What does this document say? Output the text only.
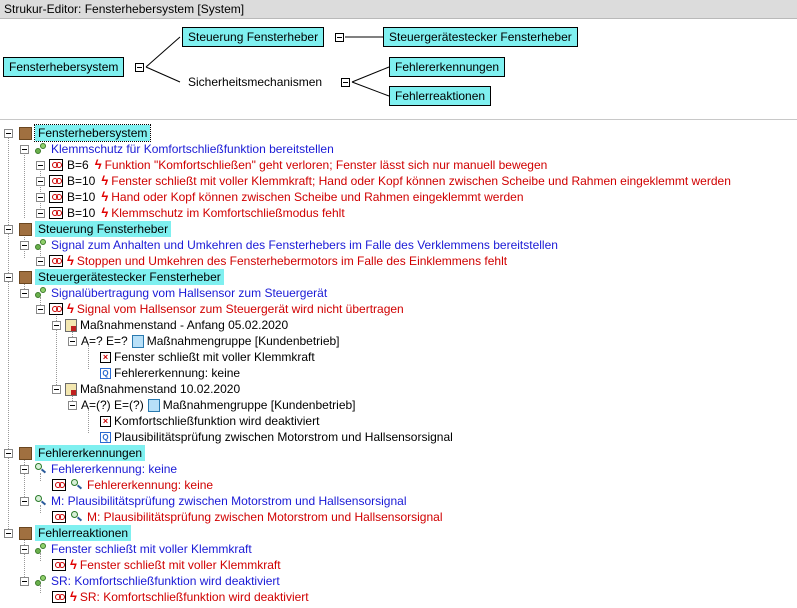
Strukur-Editor: Fensterhebersystem [System]
Fensterhebersystem
Steuerung Fensterheber	Steuergerätestecker Fensterheber
Sicherheitsmechanismen
Fehlererkennungen
Fehlerreaktionen
Fensterhebersystem
Klemmschutz für Komfortschließfunktion bereitstellen
B=6 ϟ Funktion "Komfortschließen" geht verloren; Fenster lässt sich nur manuell bewegen
B=10 ϟ Fenster schließt mit voller Klemmkraft; Hand oder Kopf können zwischen Scheibe und Rahmen eingeklemmt werden
B=10 ϟ Hand oder Kopf können zwischen Scheibe und Rahmen eingeklemmt werden
B=10 ϟ Klemmschutz im Komfortschließmodus fehlt
Steuerung Fensterheber
Signal zum Anhalten und Umkehren des Fensterhebers im Falle des Verklemmens bereitstellen
ϟ Stoppen und Umkehren des Fensterhebermotors im Falle des Einklemmens fehlt
Steuergerätestecker Fensterheber
Signalübertragung vom Hallsensor zum Steuergerät
ϟ Signal vom Hallsensor zum Steuergerät wird nicht übertragen
Maßnahmenstand - Anfang 05.02.2020
A=? E=? Maßnahmengruppe [Kundenbetrieb]
× Fenster schließt mit voller Klemmkraft
Q Fehlererkennung: keine
Maßnahmenstand 10.02.2020
A=(?) E=(?) Maßnahmengruppe [Kundenbetrieb]
× Komfortschließfunktion wird deaktiviert
Q Plausibilitätsprüfung zwischen Motorstrom und Hallsensorsignal
Fehlererkennungen
Fehlererkennung: keine
Fehlererkennung: keine
M: Plausibilitätsprüfung zwischen Motorstrom und Hallsensorsignal
M: Plausibilitätsprüfung zwischen Motorstrom und Hallsensorsignal
Fehlerreaktionen
Fenster schließt mit voller Klemmkraft
ϟ Fenster schließt mit voller Klemmkraft
SR: Komfortschließfunktion wird deaktiviert
ϟ SR: Komfortschließfunktion wird deaktiviert
